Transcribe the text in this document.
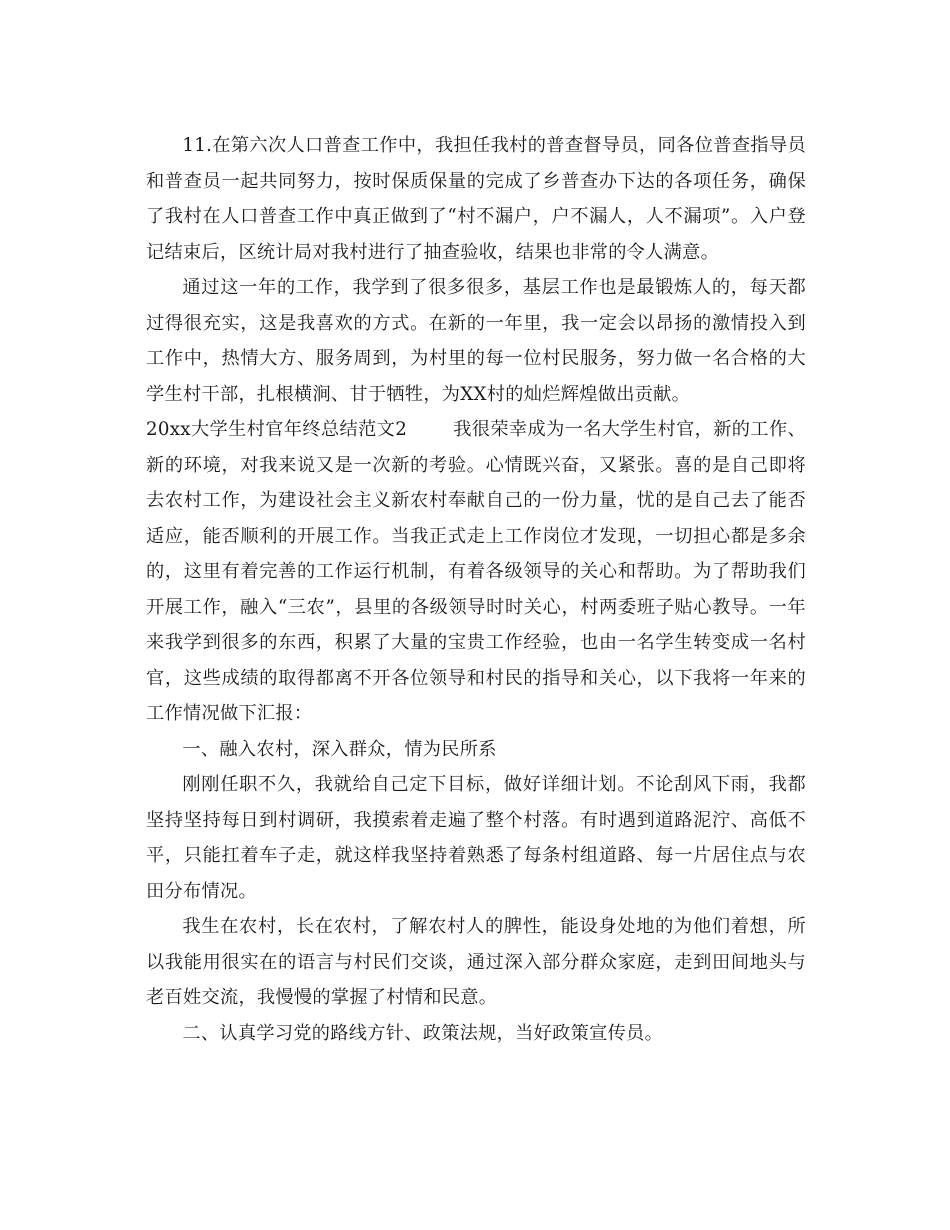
11.在第六次人口普查工作中，我担任我村的普查督导员，同各位普查指导员和普查员一起共同努力，按时保质保量的完成了乡普查办下达的各项任务，确保了我村在人口普查工作中真正做到了“村不漏户，户不漏人，人不漏项”。入户登记结束后，区统计局对我村进行了抽查验收，结果也非常的令人满意。

通过这一年的工作，我学到了很多很多，基层工作也是最锻炼人的，每天都过得很充实，这是我喜欢的方式。在新的一年里，我一定会以昂扬的激情投入到工作中，热情大方、服务周到，为村里的每一位村民服务，努力做一名合格的大学生村干部，扎根横涧、甘于牺牲，为XX村的灿烂辉煌做出贡献。

20xx大学生村官年终总结范文2	我很荣幸成为一名大学生村官，新的工作、新的环境，对我来说又是一次新的考验。心情既兴奋，又紧张。喜的是自己即将去农村工作，为建设社会主义新农村奉献自己的一份力量，忧的是自己去了能否适应，能否顺利的开展工作。当我正式走上工作岗位才发现，一切担心都是多余的，这里有着完善的工作运行机制，有着各级领导的关心和帮助。为了帮助我们开展工作，融入“三农”，县里的各级领导时时关心，村两委班子贴心教导。一年来我学到很多的东西，积累了大量的宝贵工作经验，也由一名学生转变成一名村官，这些成绩的取得都离不开各位领导和村民的指导和关心，以下我将一年来的工作情况做下汇报：

一、融入农村，深入群众，情为民所系

刚刚任职不久，我就给自己定下目标，做好详细计划。不论刮风下雨，我都坚持坚持每日到村调研，我摸索着走遍了整个村落。有时遇到道路泥泞、高低不平，只能扛着车子走，就这样我坚持着熟悉了每条村组道路、每一片居住点与农田分布情况。

我生在农村，长在农村，了解农村人的脾性，能设身处地的为他们着想，所以我能用很实在的语言与村民们交谈，通过深入部分群众家庭，走到田间地头与老百姓交流，我慢慢的掌握了村情和民意。

二、认真学习党的路线方针、政策法规，当好政策宣传员。
